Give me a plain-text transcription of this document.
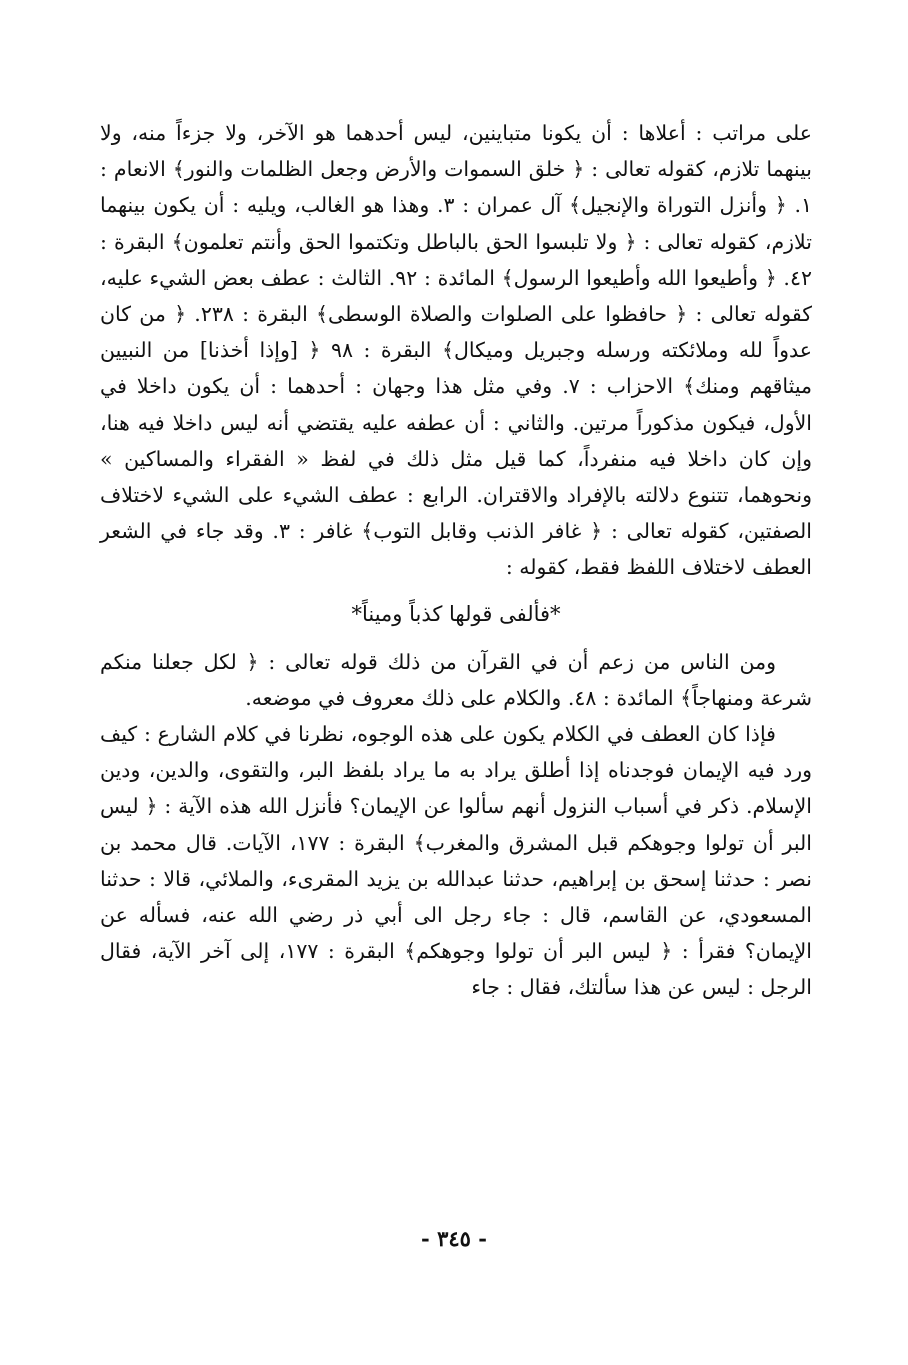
على مراتب : أعلاها : أن يكونا متباينين، ليس أحدهما هو الآخر، ولا جزءاً منه، ولا بينهما تلازم، كقوله تعالى : ﴿ خلق السموات والأرض وجعل الظلمات والنور﴾ الانعام : ١. ﴿ وأنزل التوراة والإنجيل﴾ آل عمران : ٣. وهذا هو الغالب، ويليه : أن يكون بينهما تلازم، كقوله تعالى : ﴿ ولا تلبسوا الحق بالباطل وتكتموا الحق وأنتم تعلمون﴾ البقرة : ٤٢. ﴿ وأطيعوا الله وأطيعوا الرسول﴾ المائدة : ٩٢. الثالث : عطف بعض الشيء عليه، كقوله تعالى : ﴿ حافظوا على الصلوات والصلاة الوسطى﴾ البقرة : ٢٣٨. ﴿ من كان عدواً لله وملائكته ورسله وجبريل وميكال﴾ البقرة : ٩٨ ﴿ [وإذا أخذنا] من النبيين ميثاقهم ومنك﴾ الاحزاب : ٧. وفي مثل هذا وجهان : أحدهما : أن يكون داخلا في الأول، فيكون مذكوراً مرتين. والثاني : أن عطفه عليه يقتضي أنه ليس داخلا فيه هنا، وإن كان داخلا فيه منفرداً، كما قيل مثل ذلك في لفظ « الفقراء والمساكين » ونحوهما، تتنوع دلالته بالإفراد والاقتران. الرابع : عطف الشيء على الشيء لاختلاف الصفتين، كقوله تعالى : ﴿ غافر الذنب وقابل التوب﴾ غافر : ٣. وقد جاء في الشعر العطف لاختلاف اللفظ فقط، كقوله :

*فألفى قولها كذباً وميناً*

ومن الناس من زعم أن في القرآن من ذلك قوله تعالى : ﴿ لكل جعلنا منكم شرعة ومنهاجاً﴾ المائدة : ٤٨. والكلام على ذلك معروف في موضعه.

فإذا كان العطف في الكلام يكون على هذه الوجوه، نظرنا في كلام الشارع : كيف ورد فيه الإيمان فوجدناه إذا أطلق يراد به ما يراد بلفظ البر، والتقوى، والدين، ودين الإسلام. ذكر في أسباب النزول أنهم سألوا عن الإيمان؟ فأنزل الله هذه الآية : ﴿ ليس البر أن تولوا وجوهكم قبل المشرق والمغرب﴾ البقرة : ١٧٧، الآيات. قال محمد بن نصر : حدثنا إسحق بن إبراهيم، حدثنا عبدالله بن يزيد المقرىء، والملائي، قالا : حدثنا المسعودي، عن القاسم، قال : جاء رجل الى أبي ذر رضي الله عنه، فسأله عن الإيمان؟ فقرأ : ﴿ ليس البر أن تولوا وجوهكم﴾ البقرة : ١٧٧، إلى آخر الآية، فقال الرجل : ليس عن هذا سألتك، فقال : جاء

- ٣٤٥ -
